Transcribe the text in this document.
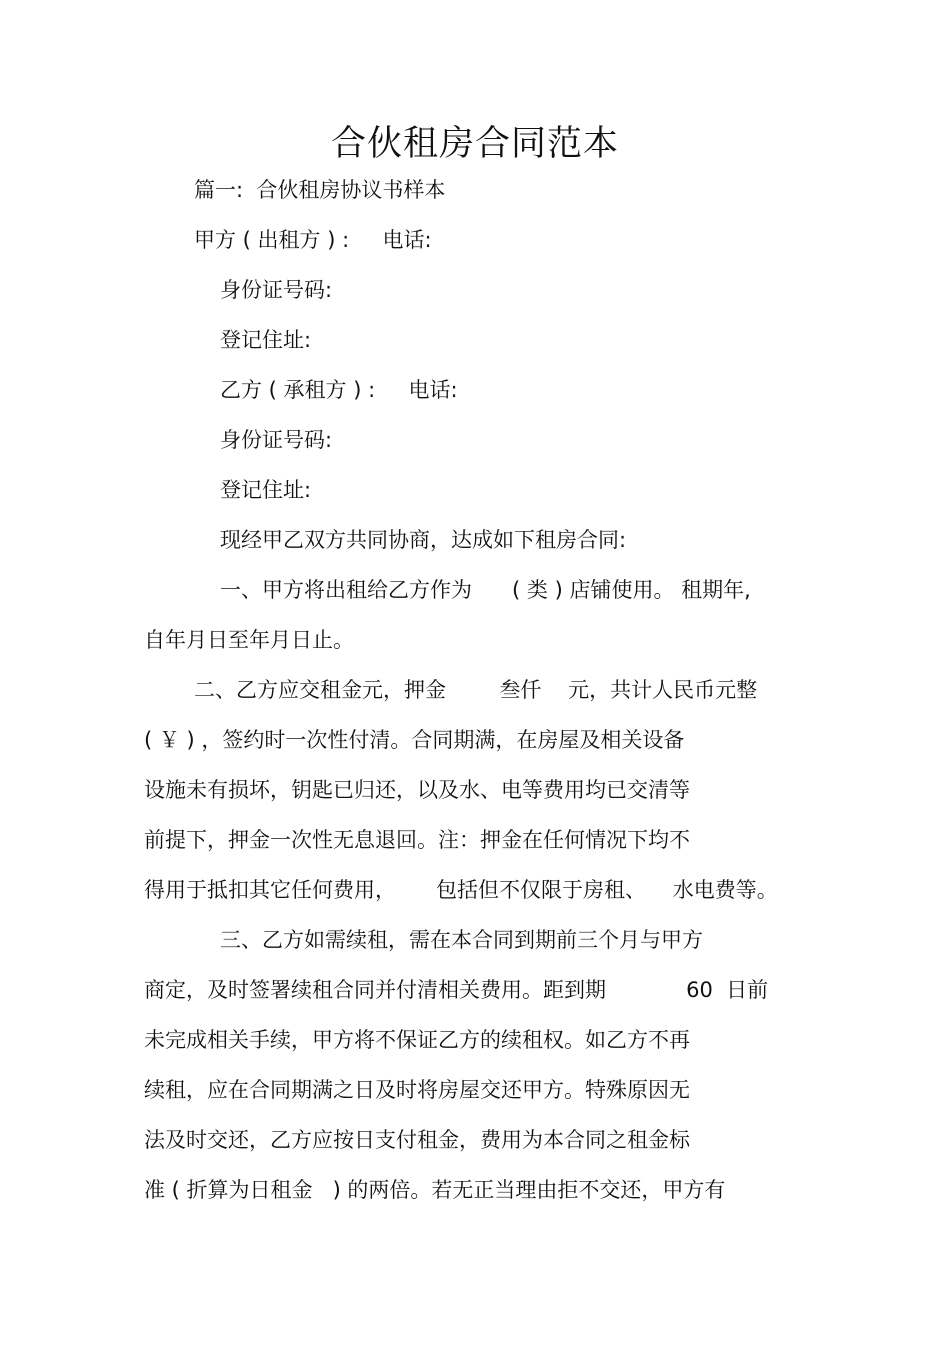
合伙租房合同范本

篇一:  合伙租房协议书样本

甲方 ( 出租方 ) :     电话:

身份证号码:

登记住址:

乙方 ( 承租方 ) :     电话:

身份证号码:

登记住址:

现经甲乙双方共同协商，达成如下租房合同:

一、甲方将出租给乙方作为      ( 类 ) 店铺使用。 租期年,

自年月日至年月日止。

二、乙方应交租金元，押金        叁仟    元，共计人民币元整

( ￥ ) ，签约时一次性付清。合同期满，在房屋及相关设备

设施未有损坏，钥匙已归还，以及水、电等费用均已交清等

前提下，押金一次性无息退回。注：押金在任何情况下均不

得用于抵扣其它任何费用，      包括但不仅限于房租、    水电费等。

三、乙方如需续租，需在本合同到期前三个月与甲方

商定，及时签署续租合同并付清相关费用。距到期            60  日前

未完成相关手续，甲方将不保证乙方的续租权。如乙方不再

续租，应在合同期满之日及时将房屋交还甲方。特殊原因无

法及时交还，乙方应按日支付租金，费用为本合同之租金标

准 ( 折算为日租金   ) 的两倍。若无正当理由拒不交还，甲方有
